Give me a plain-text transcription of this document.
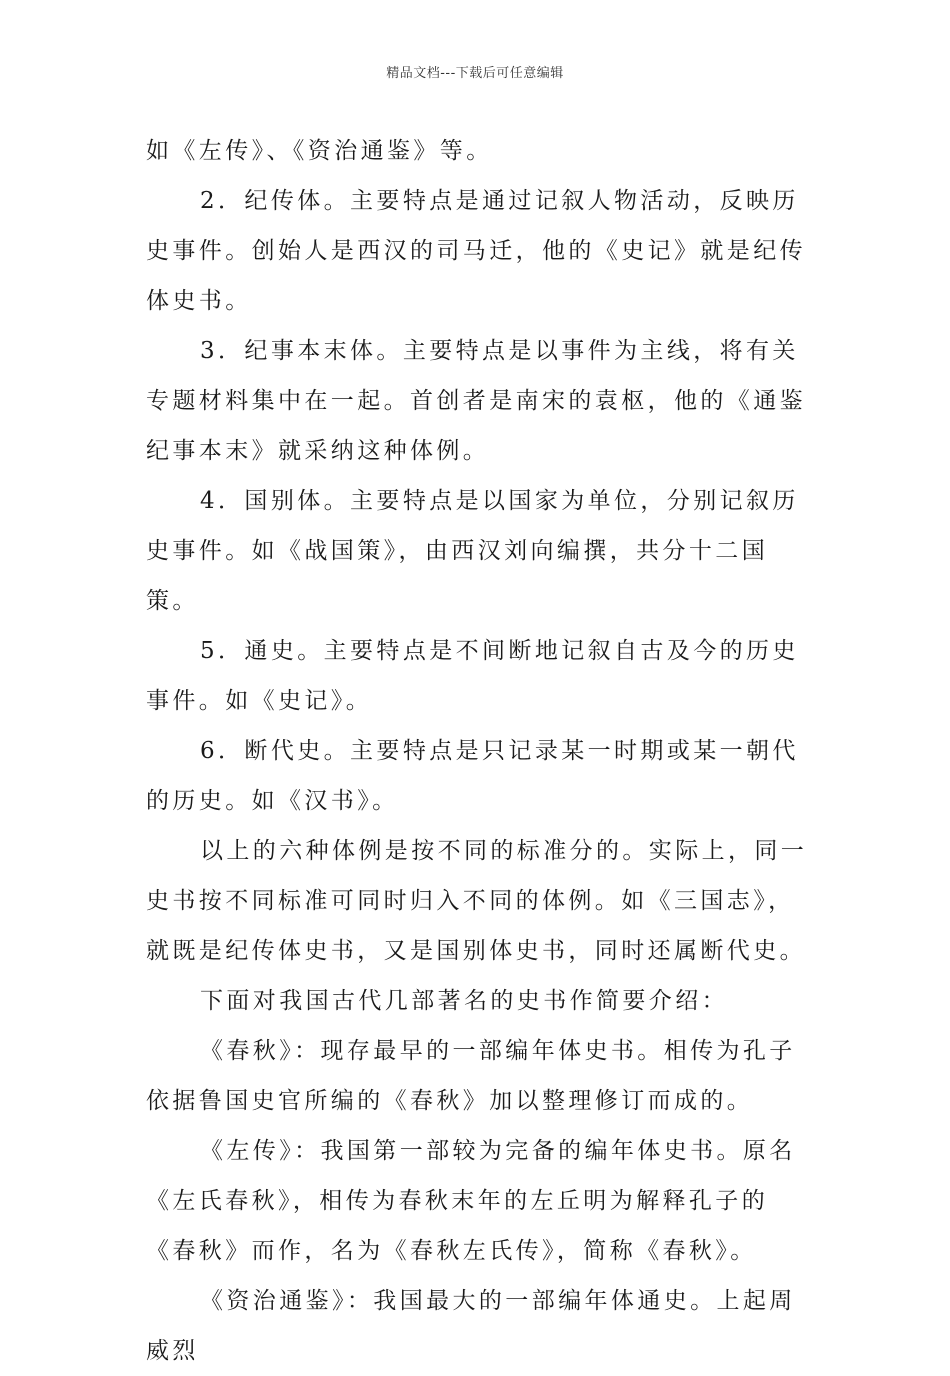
精品文档---下载后可任意编辑

如《左传》、《资治通鉴》等。

2．纪传体。主要特点是通过记叙人物活动，反映历史事件。创始人是西汉的司马迁，他的《史记》就是纪传体史书。

3．纪事本末体。主要特点是以事件为主线，将有关专题材料集中在一起。首创者是南宋的袁枢，他的《通鉴纪事本末》就采纳这种体例。

4．国别体。主要特点是以国家为单位，分别记叙历史事件。如《战国策》，由西汉刘向编撰，共分十二国策。

5．通史。主要特点是不间断地记叙自古及今的历史事件。如《史记》。

6．断代史。主要特点是只记录某一时期或某一朝代的历史。如《汉书》。

以上的六种体例是按不同的标准分的。实际上，同一史书按不同标准可同时归入不同的体例。如《三国志》，就既是纪传体史书，又是国别体史书，同时还属断代史。

下面对我国古代几部著名的史书作简要介绍：

《春秋》：现存最早的一部编年体史书。相传为孔子依据鲁国史官所编的《春秋》加以整理修订而成的。

《左传》：我国第一部较为完备的编年体史书。原名《左氏春秋》，相传为春秋末年的左丘明为解释孔子的《春秋》而作，名为《春秋左氏传》，简称《春秋》。

《资治通鉴》：我国最大的一部编年体通史。上起周威烈
